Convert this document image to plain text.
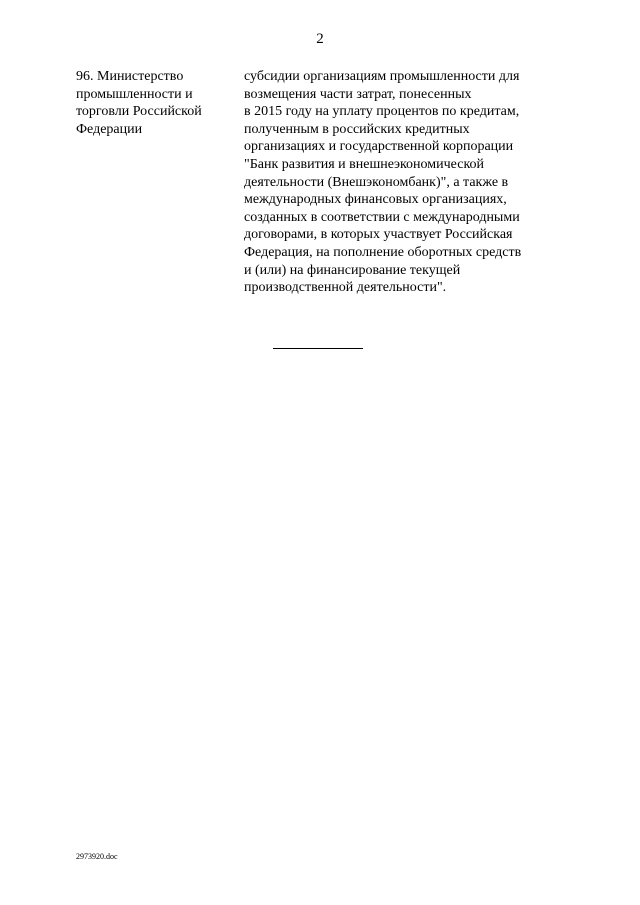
2
96. Министерство
промышленности и
торговли Российской
Федерации
субсидии организациям промышленности для
возмещения части затрат, понесенных
в 2015 году на уплату процентов по кредитам,
полученным в российских кредитных
организациях и государственной корпорации
"Банк развития и внешнеэкономической
деятельности (Внешэкономбанк)", а также в
международных финансовых организациях,
созданных в соответствии с международными
договорами, в которых участвует Российская
Федерация, на пополнение оборотных средств
и (или) на финансирование текущей
производственной деятельности".
2973920.doc
